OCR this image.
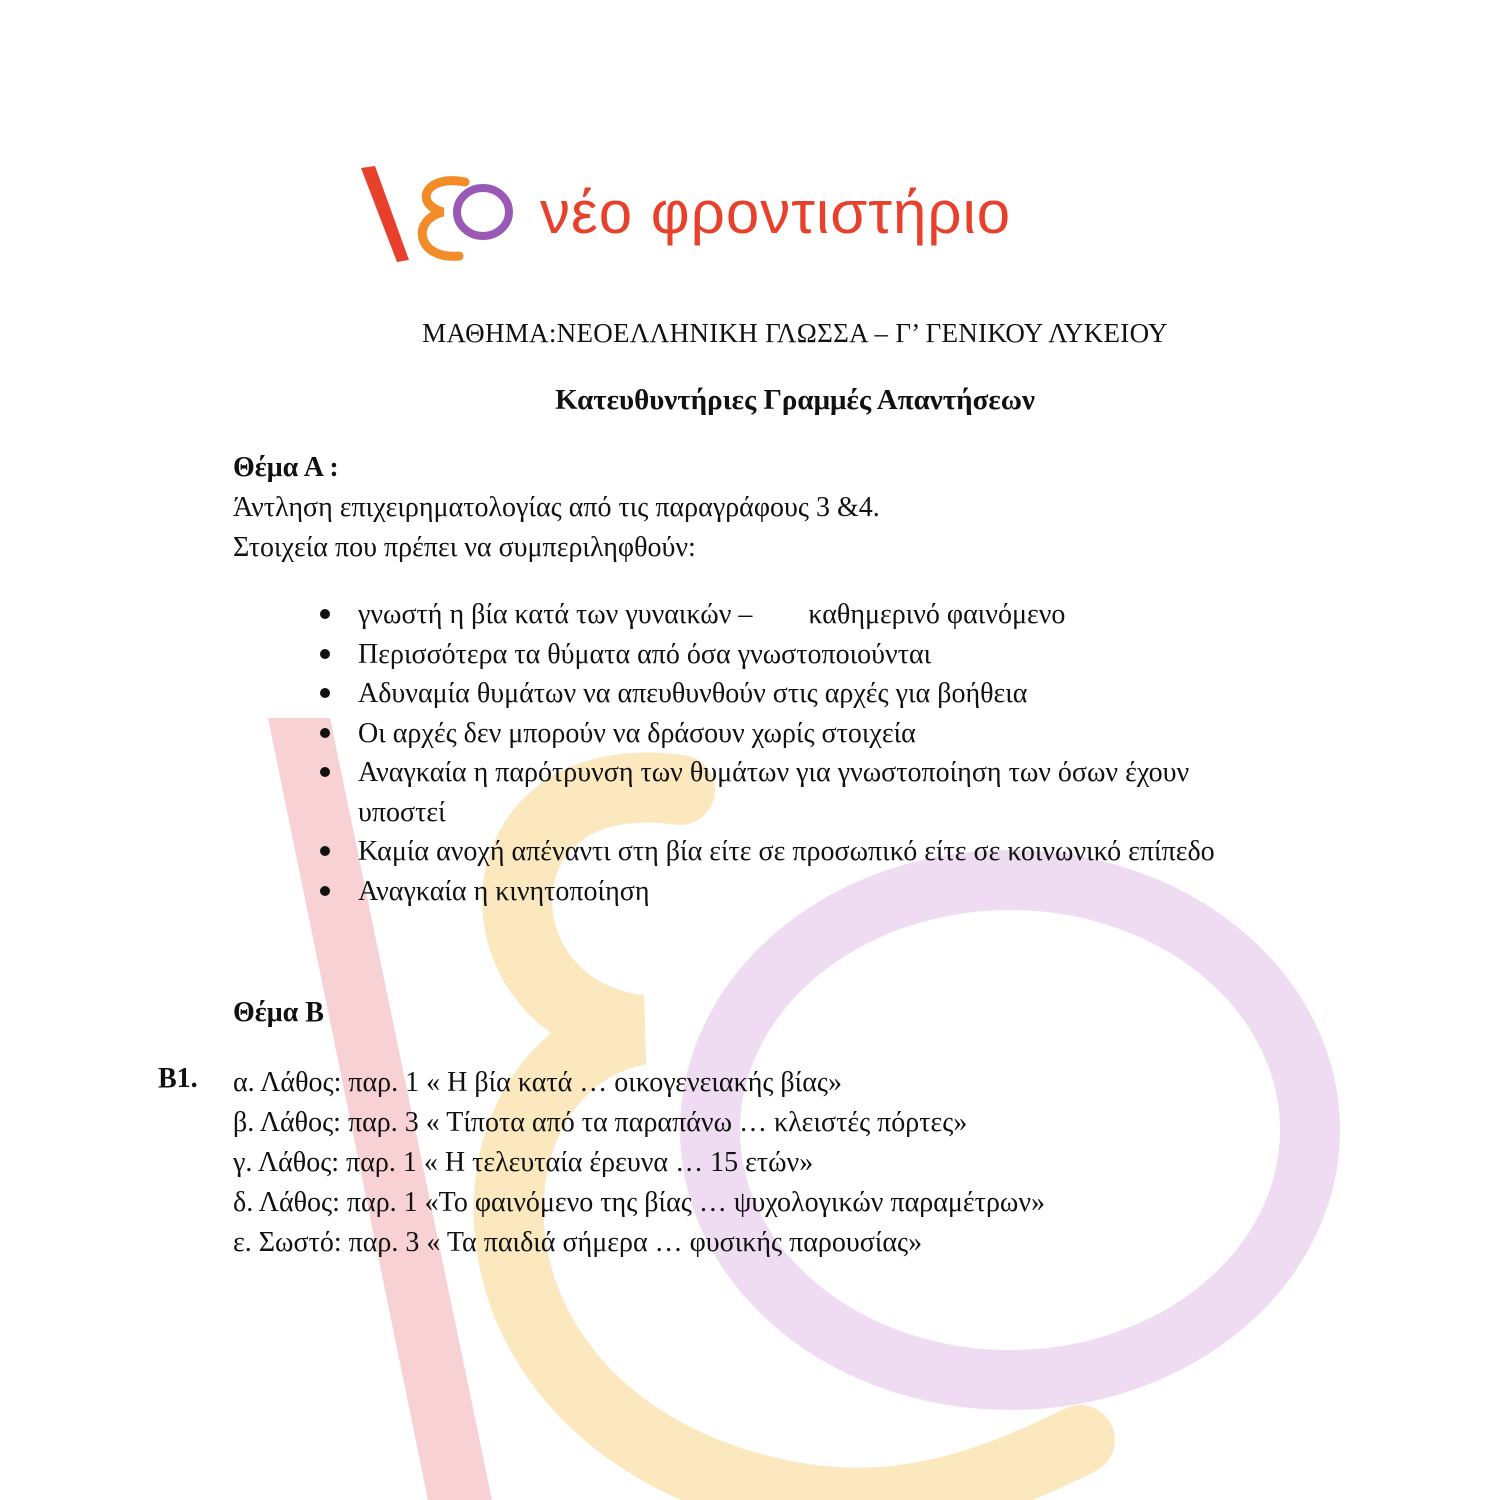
νέο φροντιστήριο
ΜΑΘΗΜΑ:ΝΕΟΕΛΛΗΝΙΚΗ ΓΛΩΣΣΑ – Γ’ ΓΕΝΙΚΟΥ ΛΥΚΕΙΟΥ
Κατευθυντήριες Γραμμές Απαντήσεων
Θέμα Α :
Άντληση επιχειρηματολογίας από τις παραγράφους 3 &4.
Στοιχεία που πρέπει να συμπεριληφθούν:
γνωστή η βία κατά των γυναικών –        καθημερινό φαινόμενο
Περισσότερα τα θύματα από όσα γνωστοποιούνται
Αδυναμία θυμάτων να απευθυνθούν στις αρχές για βοήθεια
Οι αρχές δεν μπορούν να δράσουν χωρίς στοιχεία
Αναγκαία η παρότρυνση των θυμάτων για γνωστοποίηση των όσων έχουν υποστεί
Καμία ανοχή απέναντι στη βία είτε σε προσωπικό είτε σε κοινωνικό επίπεδο
Αναγκαία η κινητοποίηση
Θέμα Β
Β1. α. Λάθος: παρ. 1 « Η βία κατά … οικογενειακής βίας»
β. Λάθος: παρ. 3 « Τίποτα από τα παραπάνω … κλειστές πόρτες»
γ. Λάθος: παρ. 1 « Η τελευταία έρευνα … 15 ετών»
δ. Λάθος: παρ. 1 «Το φαινόμενο της βίας … ψυχολογικών παραμέτρων»
ε. Σωστό: παρ. 3 « Τα παιδιά σήμερα … φυσικής παρουσίας»
